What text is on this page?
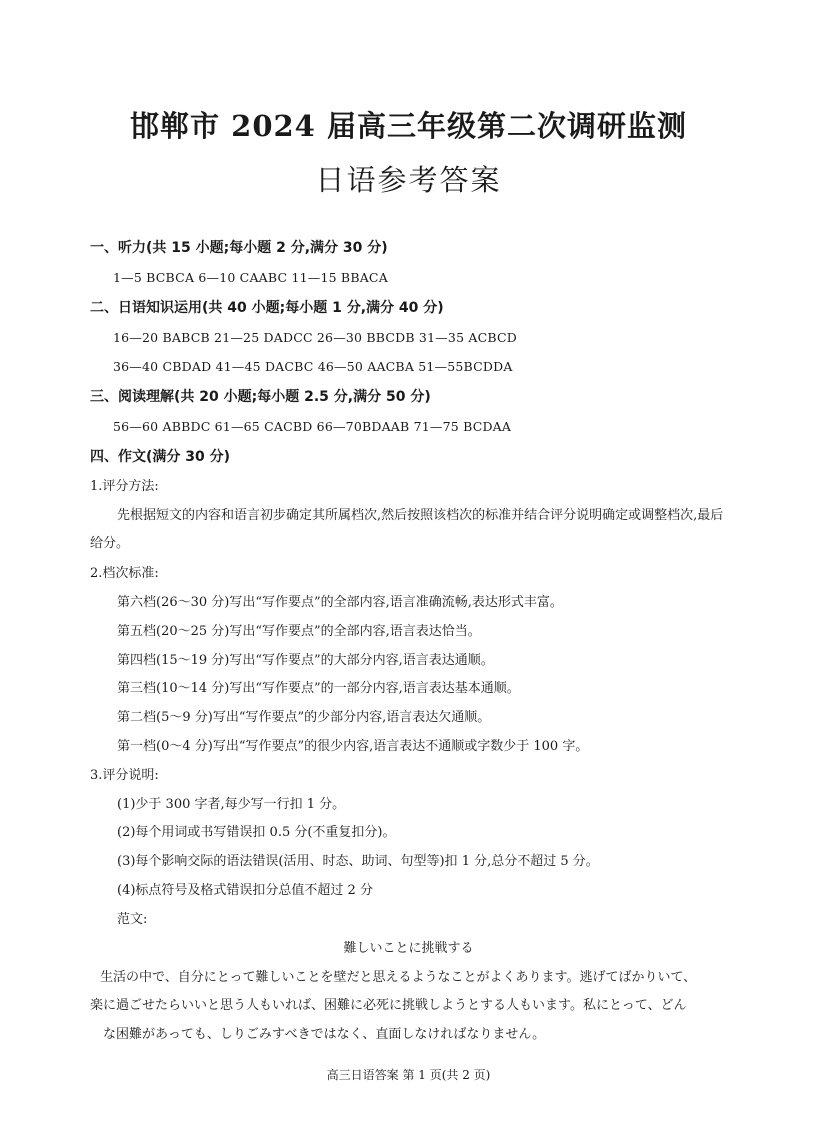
邯郸市 2024 届高三年级第二次调研监测
日语参考答案
一、听力(共 15 小题;每小题 2 分,满分 30 分)
1—5 BCBCA 6—10 CAABC 11—15 BBACA
二、日语知识运用(共 40 小题;每小题 1 分,满分 40 分)
16—20 BABCB 21—25 DADCC 26—30 BBCDB 31—35 ACBCD
36—40 CBDAD 41—45 DACBC 46—50 AACBA 51—55BCDDA
三、阅读理解(共 20 小题;每小题 2.5 分,满分 50 分)
56—60 ABBDC 61—65 CACBD 66—70BDAAB 71—75 BCDAA
四、作文(满分 30 分)
1.评分方法:
先根据短文的内容和语言初步确定其所属档次,然后按照该档次的标准并结合评分说明确定或调整档次,最后给分。
2.档次标准:
第六档(26～30 分)写出“写作要点”的全部内容,语言准确流畅,表达形式丰富。
第五档(20～25 分)写出“写作要点”的全部内容,语言表达恰当。
第四档(15～19 分)写出“写作要点”的大部分内容,语言表达通顺。
第三档(10～14 分)写出“写作要点”的一部分内容,语言表达基本通顺。
第二档(5～9 分)写出“写作要点”的少部分内容,语言表达欠通顺。
第一档(0～4 分)写出“写作要点”的很少内容,语言表达不通顺或字数少于 100 字。
3.评分说明:
(1)少于 300 字者,每少写一行扣 1 分。
(2)每个用词或书写错误扣 0.5 分(不重复扣分)。
(3)每个影响交际的语法错误(活用、时态、助词、句型等)扣 1 分,总分不超过 5 分。
(4)标点符号及格式错误扣分总值不超过 2 分
范文:
難しいことに挑戦する
生活の中で、自分にとって難しいことを壁だと思えるようなことがよくあります。逃げてばかりいて、
楽に過ごせたらいいと思う人もいれば、困難に必死に挑戦しようとする人もいます。私にとって、どん
な困難があっても、しりごみすべきではなく、直面しなければなりません。
高三日语答案 第 1 页(共 2 页)
